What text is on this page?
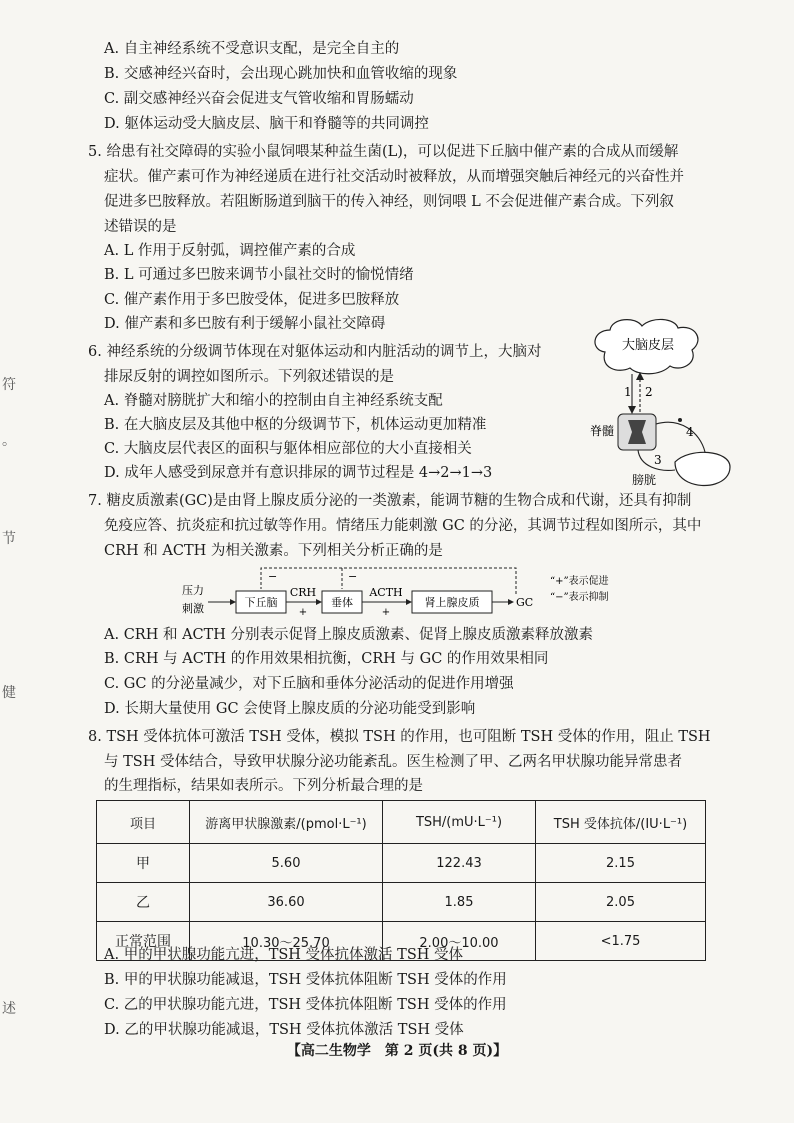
A. 自主神经系统不受意识支配，是完全自主的
B. 交感神经兴奋时，会出现心跳加快和血管收缩的现象
C. 副交感神经兴奋会促进支气管收缩和胃肠蠕动
D. 躯体运动受大脑皮层、脑干和脊髓等的共同调控
5. 给患有社交障碍的实验小鼠饲喂某种益生菌(L)，可以促进下丘脑中催产素的合成从而缓解
症状。催产素可作为神经递质在进行社交活动时被释放，从而增强突触后神经元的兴奋性并
促进多巴胺释放。若阻断肠道到脑干的传入神经，则饲喂 L 不会促进催产素合成。下列叙
述错误的是
A. L 作用于反射弧，调控催产素的合成
B. L 可通过多巴胺来调节小鼠社交时的愉悦情绪
C. 催产素作用于多巴胺受体，促进多巴胺释放
D. 催产素和多巴胺有利于缓解小鼠社交障碍
6. 神经系统的分级调节体现在对躯体运动和内脏活动的调节上，大脑对
排尿反射的调控如图所示。下列叙述错误的是
A. 脊髓对膀胱扩大和缩小的控制由自主神经系统支配
B. 在大脑皮层及其他中枢的分级调节下，机体运动更加精准
C. 大脑皮层代表区的面积与躯体相应部位的大小直接相关
D. 成年人感受到尿意并有意识排尿的调节过程是 4→2→1→3
大脑皮层
1 2
脊髓
3
4
膀胱
7. 糖皮质激素(GC)是由肾上腺皮质分泌的一类激素，能调节糖的生物合成和代谢，还具有抑制
免疫应答、抗炎症和抗过敏等作用。情绪压力能刺激 GC 的分泌，其调节过程如图所示，其中
CRH 和 ACTH 为相关激素。下列相关分析正确的是
压力
刺激	下丘脑
CRH
+
垂体
ACTH
+
肾上腺皮质	GC
−	−	“+”表示促进
“−”表示抑制
A. CRH 和 ACTH 分别表示促肾上腺皮质激素、促肾上腺皮质激素释放激素
B. CRH 与 ACTH 的作用效果相抗衡，CRH 与 GC 的作用效果相同
C. GC 的分泌量减少，对下丘脑和垂体分泌活动的促进作用增强
D. 长期大量使用 GC 会使肾上腺皮质的分泌功能受到影响
8. TSH 受体抗体可激活 TSH 受体，模拟 TSH 的作用，也可阻断 TSH 受体的作用，阻止 TSH
与 TSH 受体结合，导致甲状腺分泌功能紊乱。医生检测了甲、乙两名甲状腺功能异常患者
的生理指标，结果如表所示。下列分析最合理的是
项目	游离甲状腺激素/(pmol·L⁻¹)	TSH/(mU·L⁻¹)	TSH 受体抗体/(IU·L⁻¹)
甲	5.60	122.43	2.15
乙	36.60	1.85	2.05
正常范围	10.30～25.70	2.00～10.00	<1.75
A. 甲的甲状腺功能亢进，TSH 受体抗体激活 TSH 受体
B. 甲的甲状腺功能减退，TSH 受体抗体阻断 TSH 受体的作用
C. 乙的甲状腺功能亢进，TSH 受体抗体阻断 TSH 受体的作用
D. 乙的甲状腺功能减退，TSH 受体抗体激活 TSH 受体
符
。
节
健
述
【高二生物学　第 2 页(共 8 页)】
